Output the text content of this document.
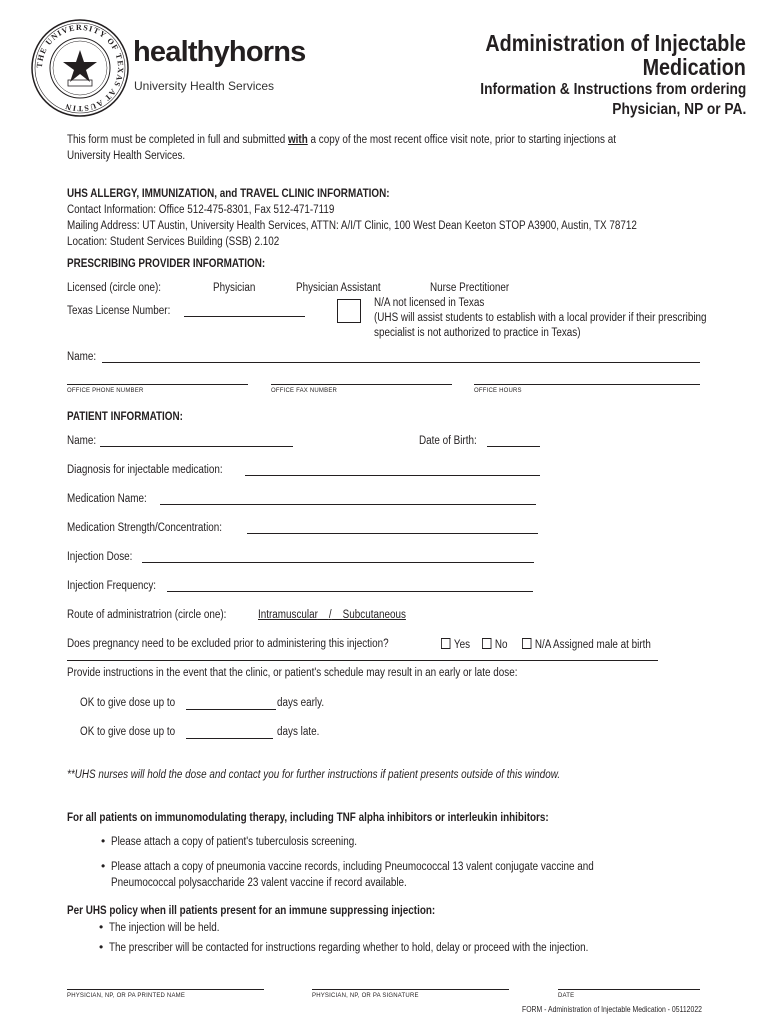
THE UNIVERSITY OF TEXAS AT AUSTIN
healthyhorns
University Health Services
Administration of Injectable
Medication
Information & Instructions from ordering
Physician, NP or PA.
This form must be completed in full and submitted with a copy of the most recent office visit note, prior to starting injections at
University Health Services.
UHS ALLERGY, IMMUNIZATION, and TRAVEL CLINIC INFORMATION:
Contact Information: Office 512-475-8301, Fax 512-471-7119
Mailing Address: UT Austin, University Health Services, ATTN: A/I/T Clinic, 100 West Dean Keeton STOP A3900, Austin, TX 78712
Location: Student Services Building (SSB) 2.102
PRESCRIBING PROVIDER INFORMATION:
Licensed (circle one):	Physician	Physician Assistant	Nurse Prectitioner
Texas License Number:
N/A not licensed in Texas
(UHS will assist students to establish with a local provider if their prescribing
specialist is not authorized to practice in Texas)
Name:
OFFICE PHONE NUMBER	OFFICE FAX NUMBER	OFFICE HOURS
PATIENT INFORMATION:
Name:	Date of Birth:
Diagnosis for injectable medication:
Medication Name:
Medication Strength/Concentration:
Injection Dose:
Injection Frequency:
Route of administratrion (circle one):	Intramuscular / Subcutaneous
Does pregnancy need to be excluded prior to administering this injection?	Yes	No	N/A Assigned male at birth
Provide instructions in the event that the clinic, or patient's schedule may result in an early or late dose:
OK to give dose up to	days early.
OK to give dose up to	days late.
**UHS nurses will hold the dose and contact you for further instructions if patient presents outside of this window.
For all patients on immunomodulating therapy, including TNF alpha inhibitors or interleukin inhibitors:
• Please attach a copy of patient's tuberculosis screening.
• Please attach a copy of pneumonia vaccine records, including Pneumococcal 13 valent conjugate vaccine and
Pneumococcal polysaccharide 23 valent vaccine if record available.
Per UHS policy when ill patients present for an immune suppressing injection:
• The injection will be held.
• The prescriber will be contacted for instructions regarding whether to hold, delay or proceed with the injection.
PHYSICIAN, NP, OR PA PRINTED NAME	PHYSICIAN, NP, OR PA SIGNATURE	DATE
FORM - Administration of Injectable Medication - 05112022
